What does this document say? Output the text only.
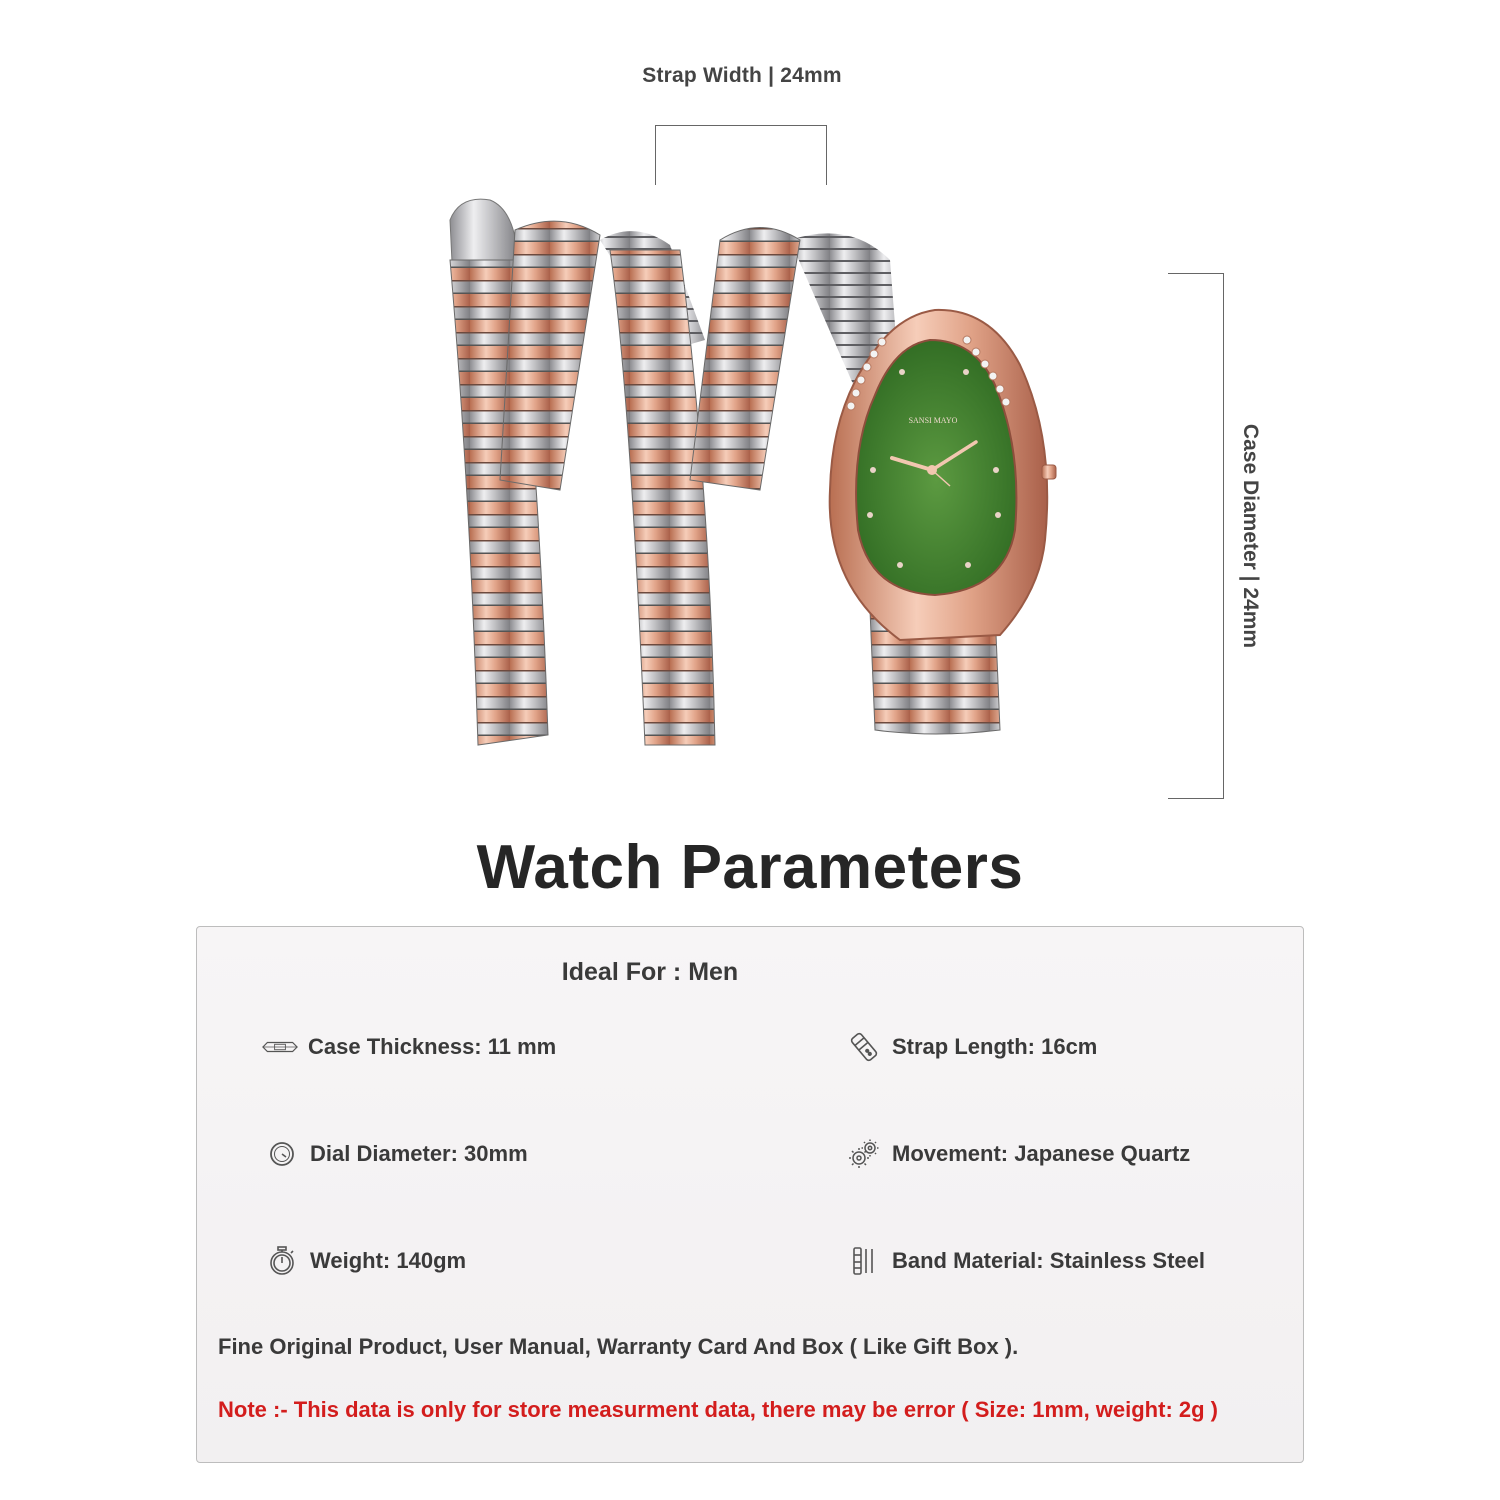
Strap Width | 24mm
Case Diameter | 24mm
SANSI MAYO
Watch Parameters
Ideal For : Men
Case Thickness: 11 mm	Strap Length: 16cm
Dial Diameter: 30mm	Movement: Japanese Quartz
Weight: 140gm	Band Material: Stainless Steel
Fine Original Product, User Manual, Warranty Card And Box ( Like Gift Box ).
Note :- This data is only for store measurment data, there may be error ( Size: 1mm, weight: 2g )
